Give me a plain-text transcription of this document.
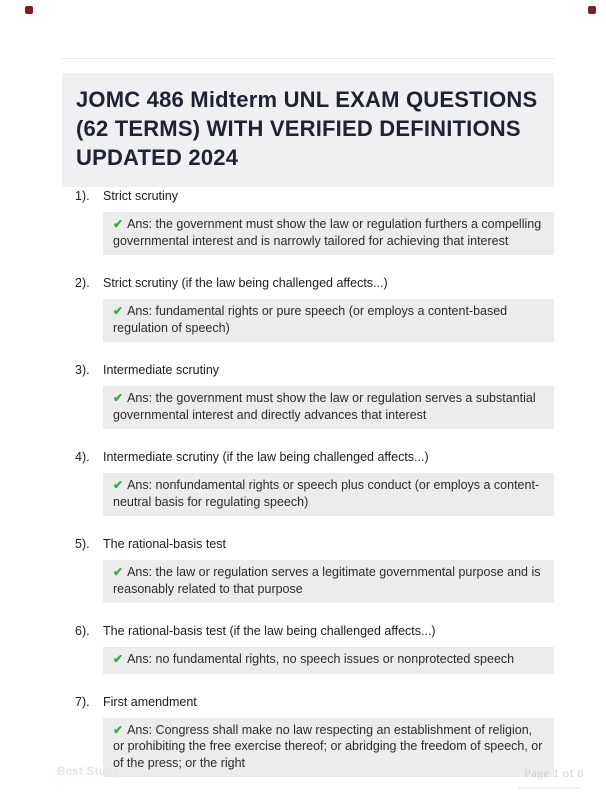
JOMC 486 Midterm UNL EXAM QUESTIONS (62 TERMS) WITH VERIFIED DEFINITIONS UPDATED 2024
1).	Strict scrutiny
✔ Ans: the government must show the law or regulation furthers a compelling governmental interest and is narrowly tailored for achieving that interest
2).	Strict scrutiny (if the law being challenged affects...)
✔ Ans: fundamental rights or pure speech (or employs a content-based regulation of speech)
3).	Intermediate scrutiny
✔ Ans: the government must show the law or regulation serves a substantial governmental interest and directly advances that interest
4).	Intermediate scrutiny (if the law being challenged affects...)
✔ Ans: nonfundamental rights or speech plus conduct (or employs a content-neutral basis for regulating speech)
5).	The rational-basis test
✔ Ans: the law or regulation serves a legitimate governmental purpose and is reasonably related to that purpose
6).	The rational-basis test (if the law being challenged affects...)
✔ Ans: no fundamental rights, no speech issues or nonprotected speech
7).	First amendment
✔ Ans: Congress shall make no law respecting an establishment of religion, or prohibiting the free exercise thereof; or abridging the freedom of speech, or of the press; or the right
Best Study	Page 1 of 8
